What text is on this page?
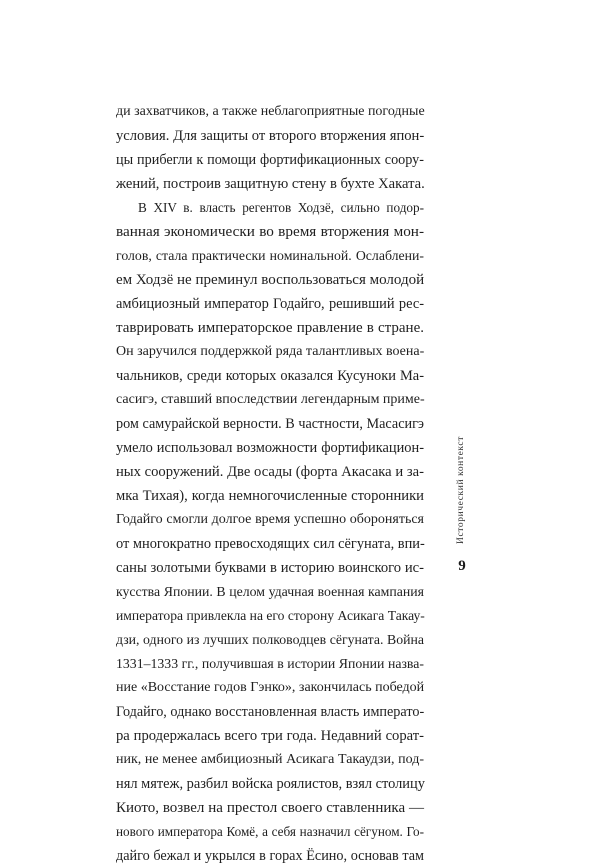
ди захватчиков, а также неблагоприятные погодные
условия. Для защиты от второго вторжения япон-
цы прибегли к помощи фортификационных соору-
жений, построив защитную стену в бухте Хаката.
В XIV в. власть регентов Ходзё, сильно подор-
ванная экономически во время вторжения мон-
голов, стала практически номинальной. Ослаблени-
ем Ходзё не преминул воспользоваться молодой
амбициозный император Годайго, решивший рес-
таврировать императорское правление в стране.
Он заручился поддержкой ряда талантливых воена-
чальников, среди которых оказался Кусуноки Ма-
сасигэ, ставший впоследствии легендарным приме-
ром самурайской верности. В частности, Масасигэ
умело использовал возможности фортификацион-
ных сооружений. Две осады (форта Акасака и за-
мка Тихая), когда немногочисленные сторонники
Годайго смогли долгое время успешно обороняться
от многократно превосходящих сил сёгуната, впи-
саны золотыми буквами в историю воинского ис-
кусства Японии. В целом удачная военная кампания
императора привлекла на его сторону Асикага Такау-
дзи, одного из лучших полководцев сёгуната. Война
1331–1333 гг., получившая в истории Японии назва-
ние «Восстание годов Гэнко», закончилась победой
Годайго, однако восстановленная власть императо-
ра продержалась всего три года. Недавний сорат-
ник, не менее амбициозный Асикага Такаудзи, под-
нял мятеж, разбил войска роялистов, взял столицу
Киото, возвел на престол своего ставленника —
нового императора Комё, а себя назначил сёгуном. Го-
дайго бежал и укрылся в горах Ёсино, основав там
Исторический контекст
9
